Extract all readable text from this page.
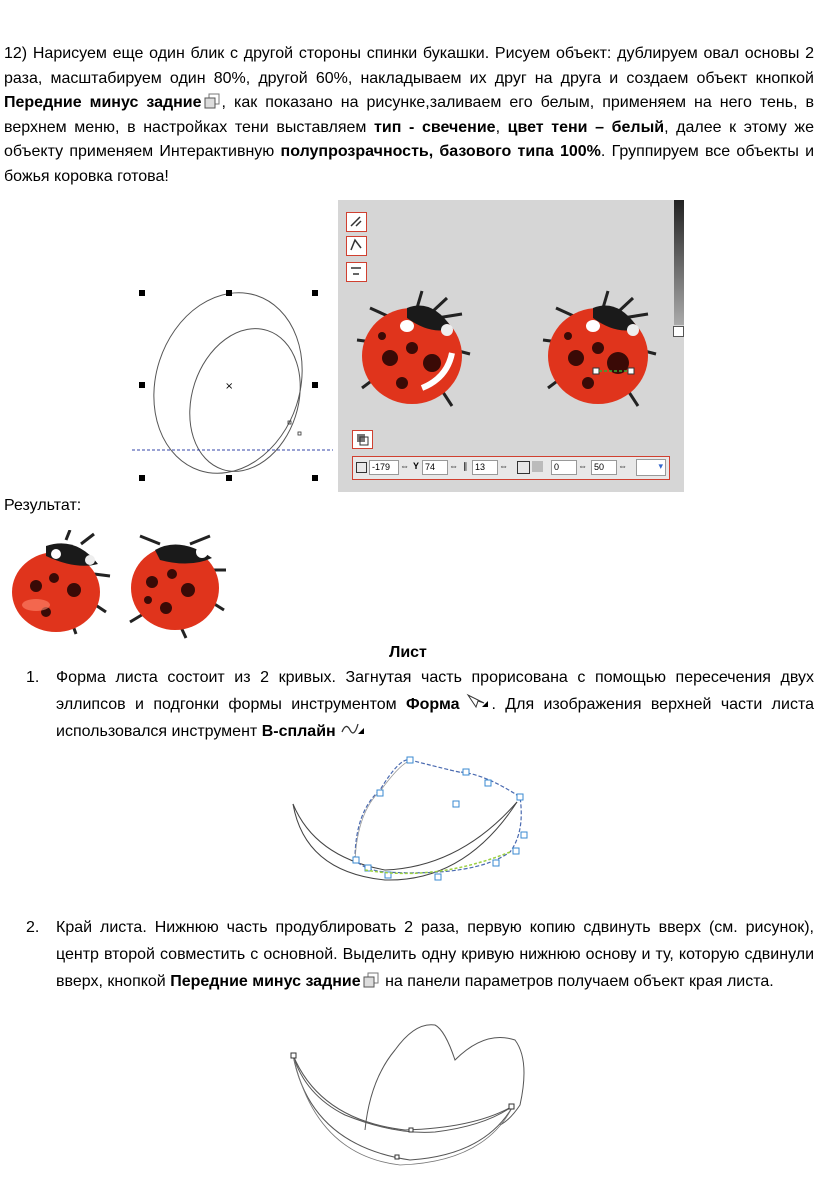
12) Нарисуем еще один блик с другой стороны спинки букашки. Рисуем объект: дублируем овал основы 2 раза, масштабируем один 80%, другой 60%, накладываем их друг на друга и создаем объект кнопкой Передние минус задние , как показано на рисунке,заливаем его белым, применяем на него тень, в верхнем меню, в настройках тени выставляем тип - свечение, цвет тени – белый, далее к этому же объекту применяем Интерактивную полупрозрачность, базового типа 100%. Группируем все объекты и божья коровка готова!
×
-179	⇔ Y 74	⇔ ∥ 13	⇔	0	⇔ 50	⇔	▾
Результат:
Лист
1. Форма листа состоит из 2 кривых. Загнутая часть прорисована с помощью пересечения двух эллипсов и подгонки формы инструментом Форма . Для изображения верхней части листа использовался инструмент B-сплайн
2. Край листа. Нижнюю часть продублировать 2 раза, первую копию сдвинуть вверх (см. рисунок), центр второй совместить с основной. Выделить одну кривую нижнюю основу и ту, которую сдвинули вверх, кнопкой Передние минус задние на панели параметров получаем объект края листа.
